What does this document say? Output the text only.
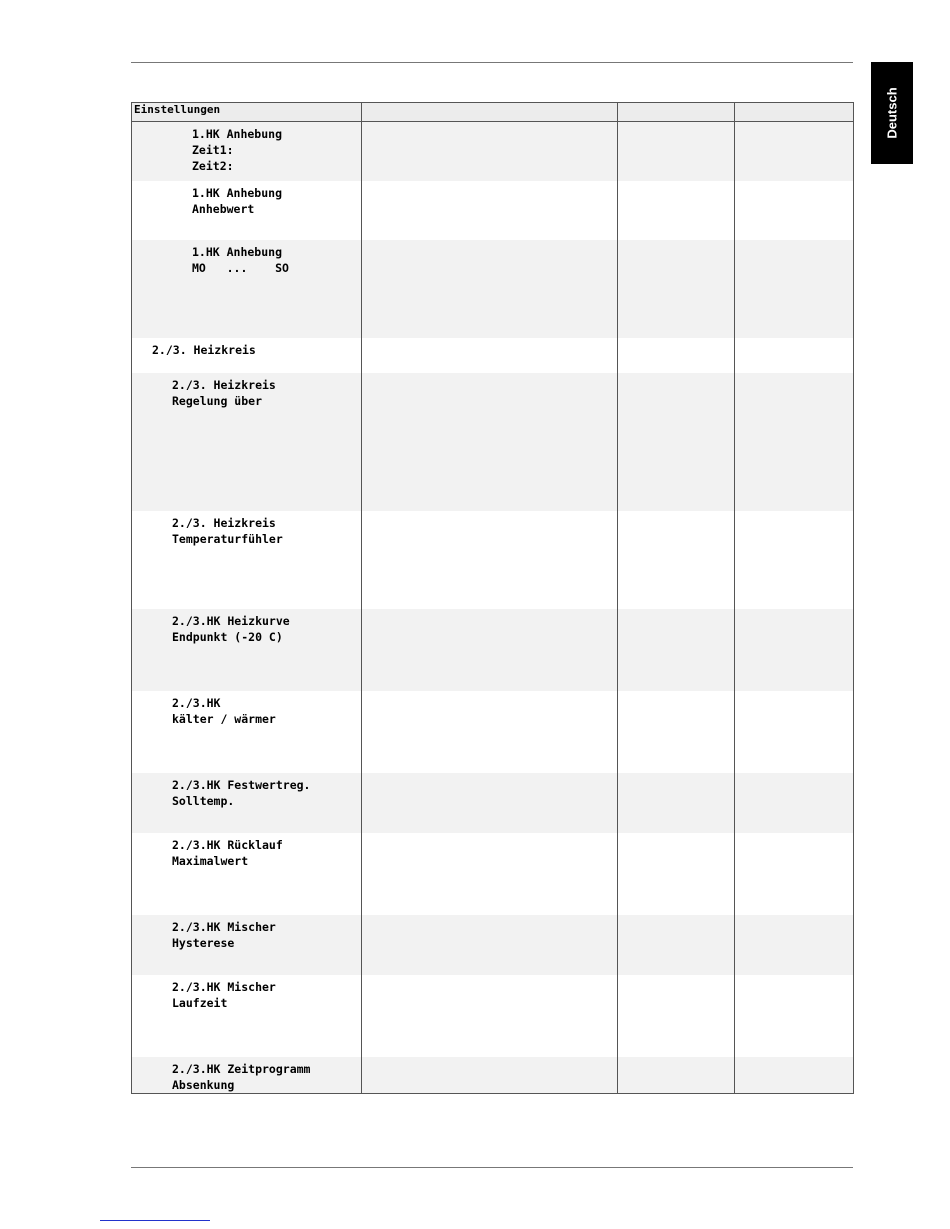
Deutsch
Einstellungen			

1.HK Anhebung
Zeit1:
Zeit2:			

1.HK Anhebung
Anhebwert			

1.HK Anhebung
MO   ...    SO			

2./3. Heizkreis			

2./3. Heizkreis
Regelung über			

2./3. Heizkreis
Temperaturfühler			

2./3.HK Heizkurve
Endpunkt (-20 C)			

2./3.HK
kälter / wärmer			

2./3.HK Festwertreg.
Solltemp.			

2./3.HK Rücklauf
Maximalwert			

2./3.HK Mischer
Hysterese			

2./3.HK Mischer
Laufzeit			

2./3.HK Zeitprogramm
Absenkung			
